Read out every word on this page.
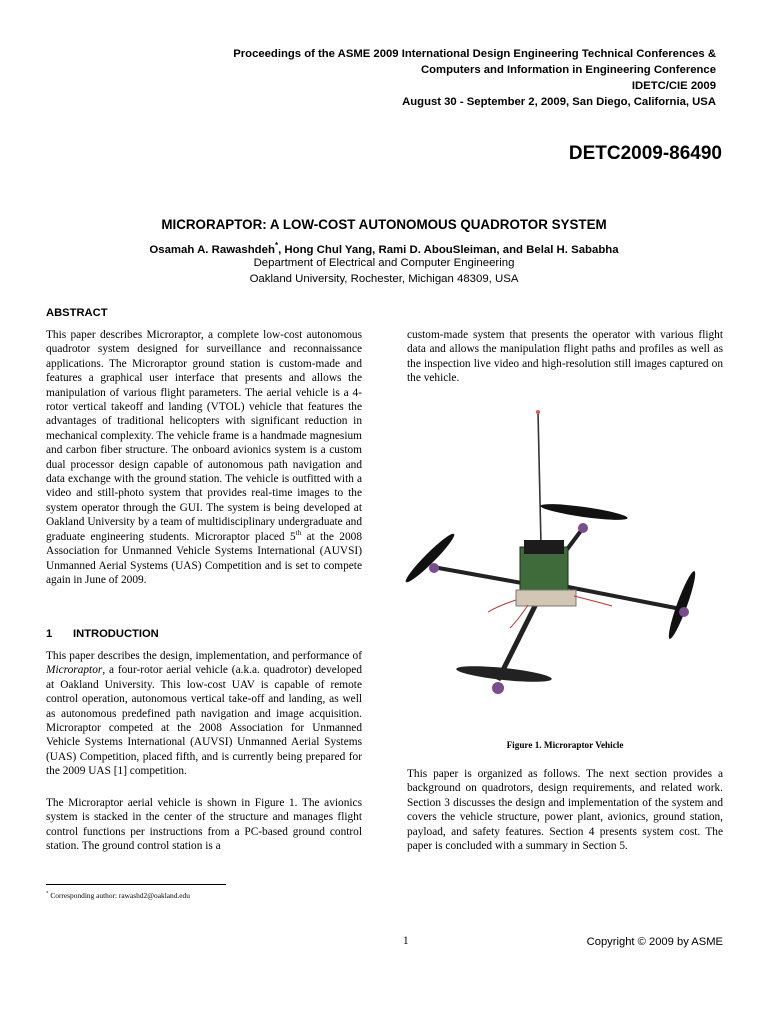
Proceedings of the ASME 2009 International Design Engineering Technical Conferences &
Computers and Information in Engineering Conference
IDETC/CIE 2009
August 30 - September 2, 2009, San Diego, California, USA
DETC2009-86490
MICRORAPTOR: A LOW-COST AUTONOMOUS QUADROTOR SYSTEM
Osamah A. Rawashdeh*, Hong Chul Yang, Rami D. AbouSleiman, and Belal H. Sababha
Department of Electrical and Computer Engineering
Oakland University, Rochester, Michigan 48309, USA
ABSTRACT

This paper describes Microraptor, a complete low-cost autonomous quadrotor system designed for surveillance and reconnaissance applications. The Microraptor ground station is custom-made and features a graphical user interface that presents and allows the manipulation of various flight parameters. The aerial vehicle is a 4-rotor vertical takeoff and landing (VTOL) vehicle that features the advantages of traditional helicopters with significant reduction in mechanical complexity. The vehicle frame is a handmade magnesium and carbon fiber structure. The onboard avionics system is a custom dual processor design capable of autonomous path navigation and data exchange with the ground station. The vehicle is outfitted with a video and still-photo system that provides real-time images to the system operator through the GUI. The system is being developed at Oakland University by a team of multidisciplinary undergraduate and graduate engineering students. Microraptor placed 5th at the 2008 Association for Unmanned Vehicle Systems International (AUVSI) Unmanned Aerial Systems (UAS) Competition and is set to compete again in June of 2009.

1 INTRODUCTION

This paper describes the design, implementation, and performance of Microraptor, a four-rotor aerial vehicle (a.k.a. quadrotor) developed at Oakland University. This low-cost UAV is capable of remote control operation, autonomous vertical take-off and landing, as well as autonomous predefined path navigation and image acquisition. Microraptor competed at the 2008 Association for Unmanned Vehicle Systems International (AUVSI) Unmanned Aerial Systems (UAS) Competition, placed fifth, and is currently being prepared for the 2009 UAS [1] competition.

The Microraptor aerial vehicle is shown in Figure 1. The avionics system is stacked in the center of the structure and manages flight control functions per instructions from a PC-based ground control station. The ground control station is a

custom-made system that presents the operator with various flight data and allows the manipulation flight paths and profiles as well as the inspection live video and high-resolution still images captured on the vehicle.

Figure 1. Microraptor Vehicle

This paper is organized as follows. The next section provides a background on quadrotors, design requirements, and related work. Section 3 discusses the design and implementation of the system and covers the vehicle structure, power plant, avionics, ground station, payload, and safety features. Section 4 presents system cost. The paper is concluded with a summary in Section 5.

* Corresponding author: rawashd2@oakland.edu
1	Copyright © 2009 by ASME
